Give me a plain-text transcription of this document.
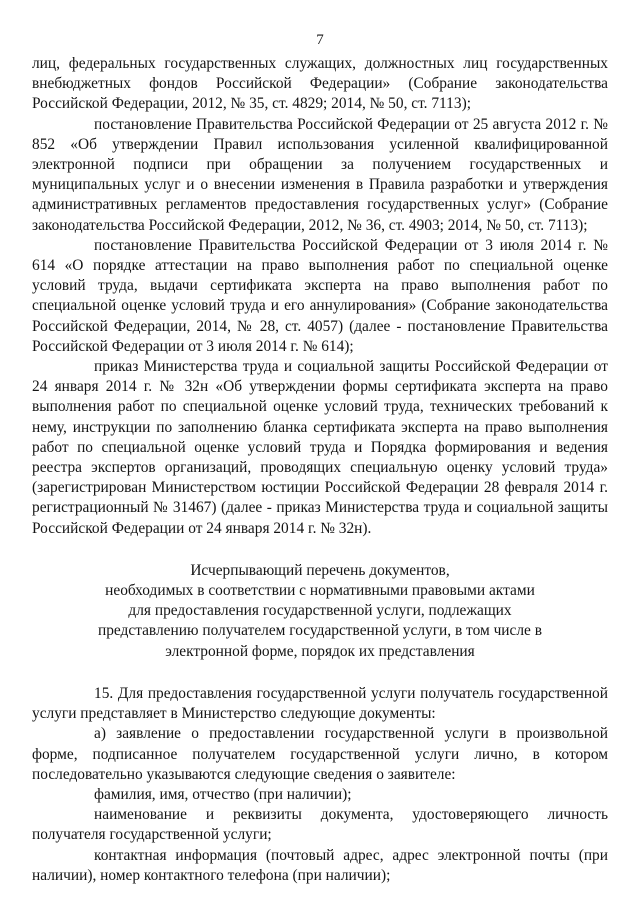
7

лиц, федеральных государственных служащих, должностных лиц государственных внебюджетных фондов Российской Федерации» (Собрание законодательства Российской Федерации, 2012, № 35, ст. 4829; 2014, № 50, ст. 7113);

постановление Правительства Российской Федерации от 25 августа 2012 г. № 852 «Об утверждении Правил использования усиленной квалифицированной электронной подписи при обращении за получением государственных и муниципальных услуг и о внесении изменения в Правила разработки и утверждения административных регламентов предоставления государственных услуг» (Собрание законодательства Российской Федерации, 2012, № 36, ст. 4903; 2014, № 50, ст. 7113);

постановление Правительства Российской Федерации от 3 июля 2014 г. № 614 «О порядке аттестации на право выполнения работ по специальной оценке условий труда, выдачи сертификата эксперта на право выполнения работ по специальной оценке условий труда и его аннулирования» (Собрание законодательства Российской Федерации, 2014, № 28, ст. 4057) (далее - постановление Правительства Российской Федерации от 3 июля 2014 г. № 614);

приказ Министерства труда и социальной защиты Российской Федерации от 24 января 2014 г. № 32н «Об утверждении формы сертификата эксперта на право выполнения работ по специальной оценке условий труда, технических требований к нему, инструкции по заполнению бланка сертификата эксперта на право выполнения работ по специальной оценке условий труда и Порядка формирования и ведения реестра экспертов организаций, проводящих специальную оценку условий труда» (зарегистрирован Министерством юстиции Российской Федерации 28 февраля 2014 г. регистрационный № 31467) (далее - приказ Министерства труда и социальной защиты Российской Федерации от 24 января 2014 г. № 32н).

Исчерпывающий перечень документов,
необходимых в соответствии с нормативными правовыми актами
для предоставления государственной услуги, подлежащих
представлению получателем государственной услуги, в том числе в
электронной форме, порядок их представления

15. Для предоставления государственной услуги получатель государственной услуги представляет в Министерство следующие документы:

а) заявление о предоставлении государственной услуги в произвольной форме, подписанное получателем государственной услуги лично, в котором последовательно указываются следующие сведения о заявителе:

фамилия, имя, отчество (при наличии);

наименование и реквизиты документа, удостоверяющего личность получателя государственной услуги;

контактная информация (почтовый адрес, адрес электронной почты (при наличии), номер контактного телефона (при наличии);
